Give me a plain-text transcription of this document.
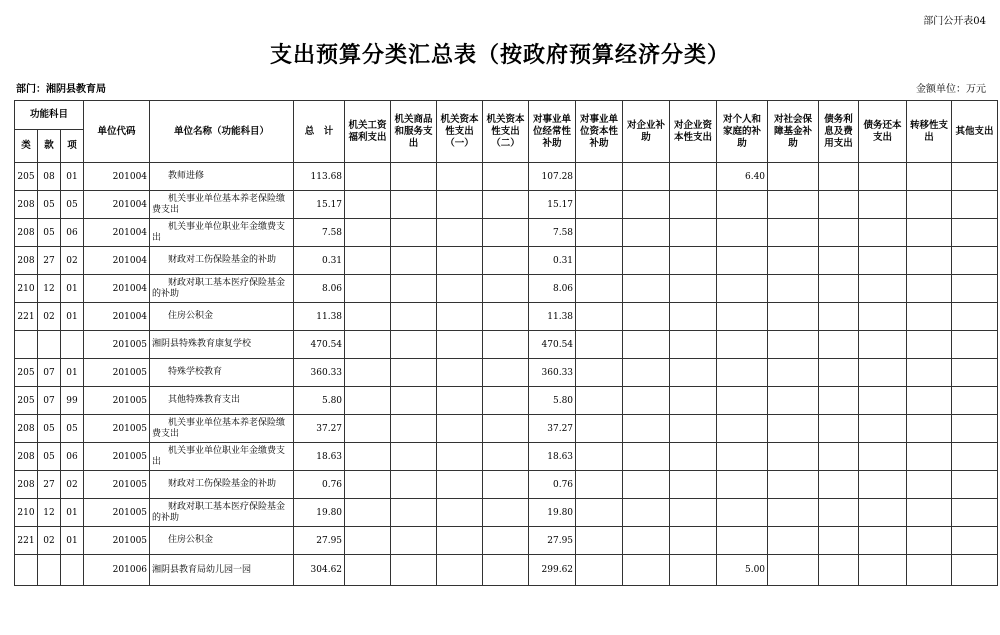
部门公开表04
支出预算分类汇总表（按政府预算经济分类）
部门：湘阴县教育局	金额单位：万元
功能科目			单位代码	单位名称（功能科目）	总　计	机关工资福利支出	机关商品和服务支出	机关资本性支出（一）	机关资本性支出（二）	对事业单位经常性补助	对事业单位资本性补助	对企业补助	对企业资本性支出	对个人和家庭的补助	对社会保障基金补助	债务利息及费用支出	债务还本支出	转移性支出	其他支出
类	款	项																	
205	08	01	201004	教师进修	113.68					107.28				6.40					
208	05	05	201004	机关事业单位基本养老保险缴费支出	15.17					15.17									
208	05	06	201004	机关事业单位职业年金缴费支出	7.58					7.58									
208	27	02	201004	财政对工伤保险基金的补助	0.31					0.31									
210	12	01	201004	财政对职工基本医疗保险基金的补助	8.06					8.06									
221	02	01	201004	住房公积金	11.38					11.38									
			201005	湘阴县特殊教育康复学校	470.54					470.54									
205	07	01	201005	特殊学校教育	360.33					360.33									
205	07	99	201005	其他特殊教育支出	5.80					5.80									
208	05	05	201005	机关事业单位基本养老保险缴费支出	37.27					37.27									
208	05	06	201005	机关事业单位职业年金缴费支出	18.63					18.63									
208	27	02	201005	财政对工伤保险基金的补助	0.76					0.76									
210	12	01	201005	财政对职工基本医疗保险基金的补助	19.80					19.80									
221	02	01	201005	住房公积金	27.95					27.95									
			201006	湘阴县教育局幼儿园一园	304.62					299.62				5.00					
